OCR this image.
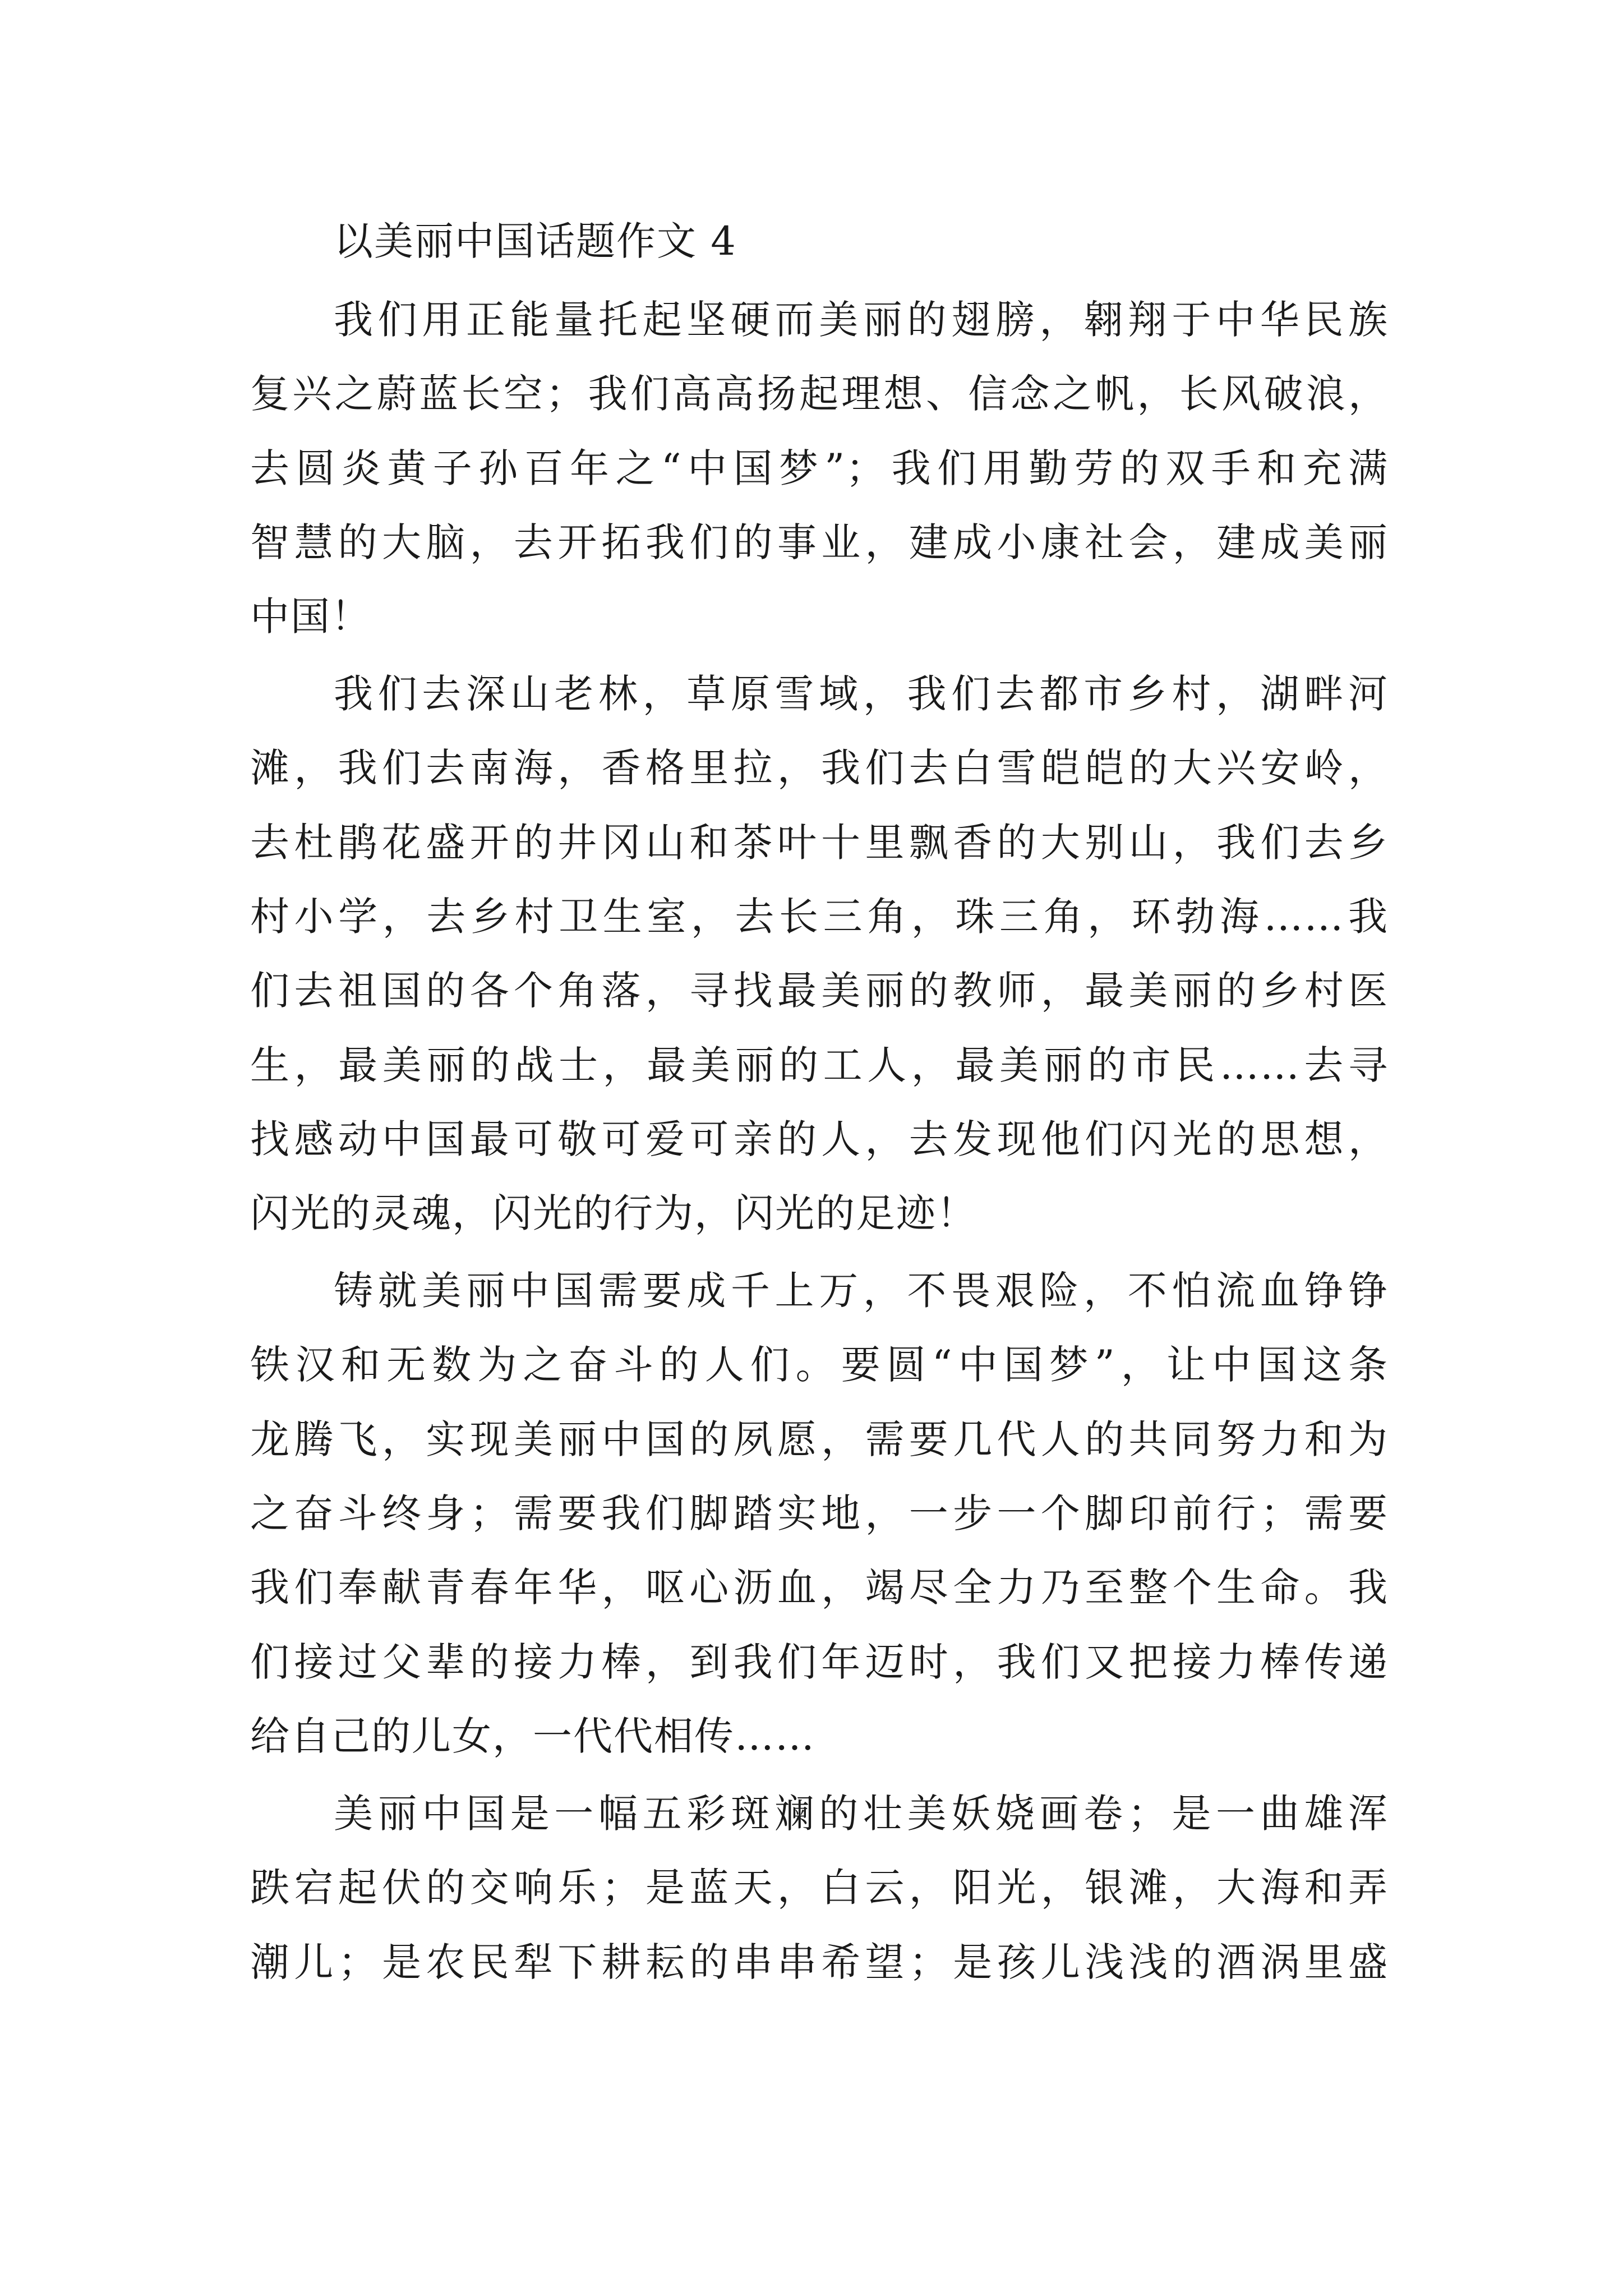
以美丽中国话题作文 4
我们用正能量托起坚硬而美丽的翅膀，翱翔于中华民族
复兴之蔚蓝长空；我们高高扬起理想、信念之帆，长风破浪，
去圆炎黄子孙百年之“中国梦”；我们用勤劳的双手和充满
智慧的大脑，去开拓我们的事业，建成小康社会，建成美丽
中国！
我们去深山老林，草原雪域，我们去都市乡村，湖畔河
滩，我们去南海，香格里拉，我们去白雪皑皑的大兴安岭，
去杜鹃花盛开的井冈山和茶叶十里飘香的大别山，我们去乡
村小学，去乡村卫生室，去长三角，珠三角，环勃海……我
们去祖国的各个角落，寻找最美丽的教师，最美丽的乡村医
生，最美丽的战士，最美丽的工人，最美丽的市民……去寻
找感动中国最可敬可爱可亲的人，去发现他们闪光的思想，
闪光的灵魂，闪光的行为，闪光的足迹！
铸就美丽中国需要成千上万，不畏艰险，不怕流血铮铮
铁汉和无数为之奋斗的人们。要圆“中国梦”，让中国这条
龙腾飞，实现美丽中国的夙愿，需要几代人的共同努力和为
之奋斗终身；需要我们脚踏实地，一步一个脚印前行；需要
我们奉献青春年华，呕心沥血，竭尽全力乃至整个生命。我
们接过父辈的接力棒，到我们年迈时，我们又把接力棒传递
给自己的儿女，一代代相传……
美丽中国是一幅五彩斑斓的壮美妖娆画卷；是一曲雄浑
跌宕起伏的交响乐；是蓝天，白云，阳光，银滩，大海和弄
潮儿；是农民犁下耕耘的串串希望；是孩儿浅浅的酒涡里盛
